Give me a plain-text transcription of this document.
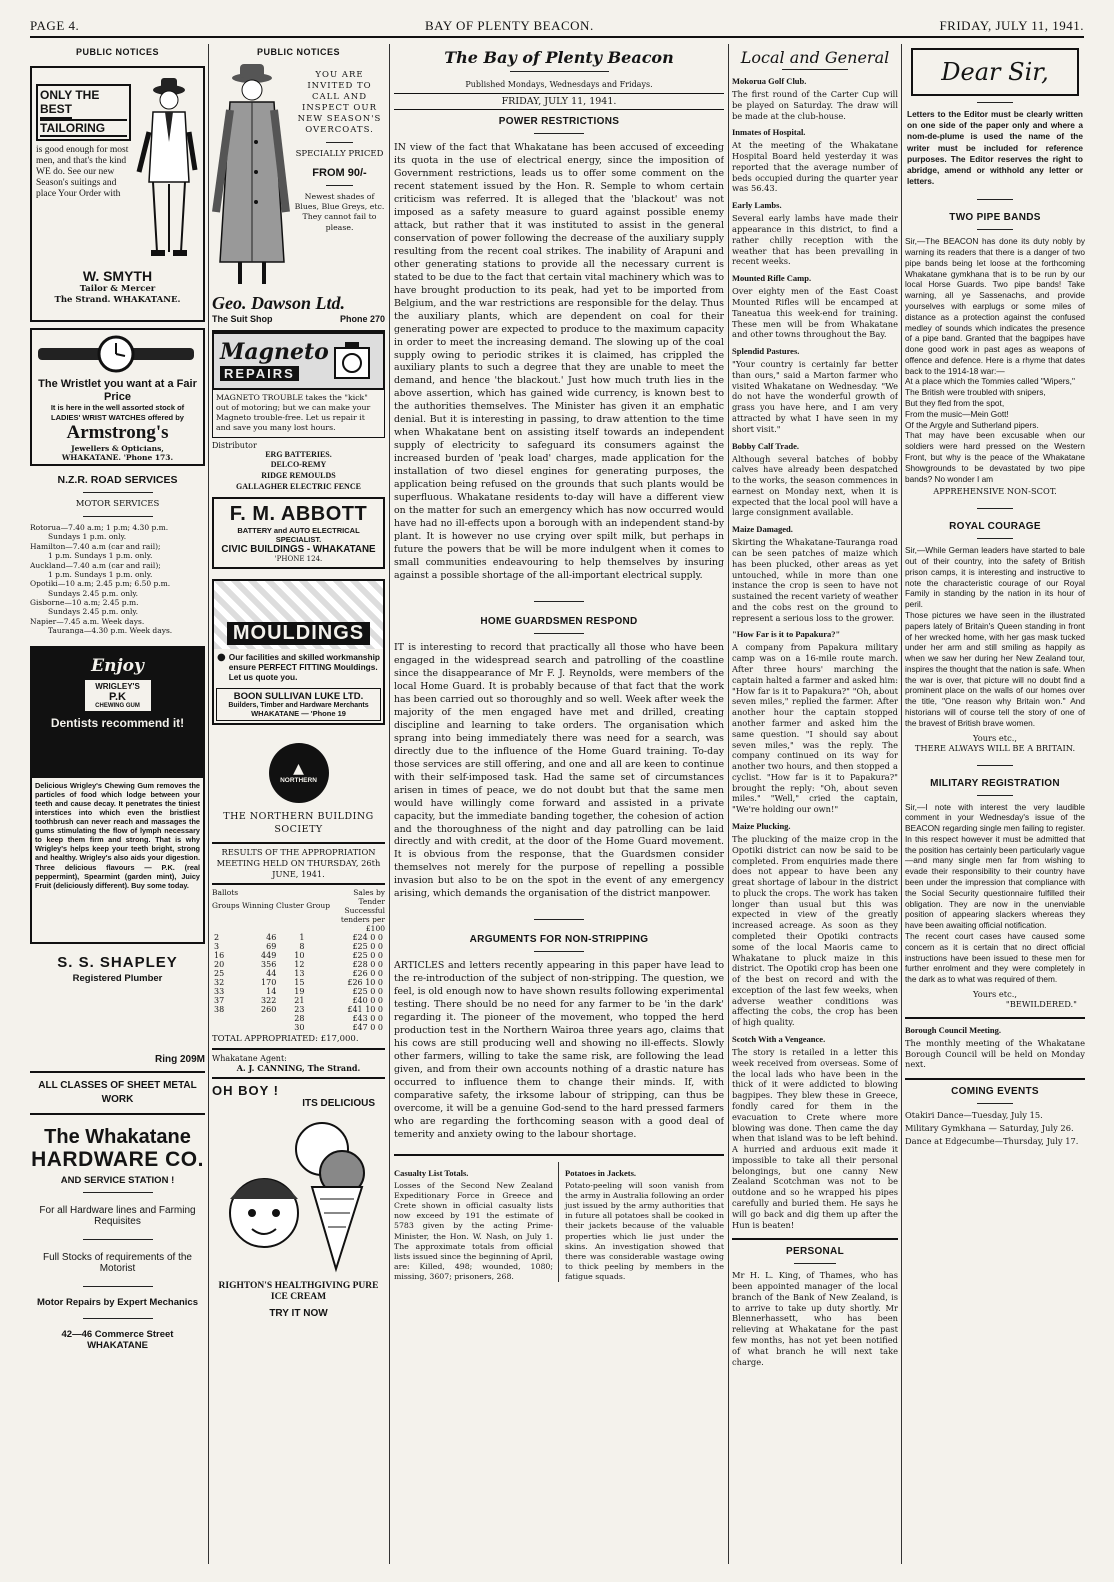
PAGE 4.	BAY OF PLENTY BEACON.	FRIDAY, JULY 11, 1941.
PUBLIC NOTICES
ONLY THE
BEST
TAILORING
is good enough for most men, and that's the kind WE do. See our new Season's suitings and place Your Order with
W. SMYTH
Tailor & Mercer
The Strand. WHAKATANE.
The Wristlet you want at a Fair Price
It is here in the well assorted stock of LADIES' WRIST WATCHES offered by
Armstrong's
Jewellers & Opticians,
WHAKATANE. 'Phone 173.
N.Z.R. ROAD SERVICES
MOTOR SERVICES
Rotorua—7.40 a.m; 1 p.m; 4.30 p.m.
Sundays 1 p.m. only.
Hamilton—7.40 a.m (car and rail);
1 p.m. Sundays 1 p.m. only.
Auckland—7.40 a.m (car and rail);
1 p.m. Sundays 1 p.m. only.
Opotiki—10 a.m; 2.45 p.m; 6.50 p.m.
Sundays 2.45 p.m. only.
Gisborne—10 a.m; 2.45 p.m.
Sundays 2.45 p.m. only.
Napier—7.45 a.m. Week days.
Tauranga—4.30 p.m. Week days.
Enjoy
WRIGLEY'S
P.K
CHEWING GUM
Dentists recommend it!
Delicious Wrigley's Chewing Gum removes the particles of food which lodge between your teeth and cause decay. It penetrates the tiniest interstices into which even the bristliest toothbrush can never reach and massages the gums stimulating the flow of lymph necessary to keep them firm and strong. That is why Wrigley's helps keep your teeth bright, strong and healthy. Wrigley's also aids your digestion. Three delicious flavours — P.K. (real peppermint), Spearmint (garden mint), Juicy Fruit (deliciously different). Buy some today.
S. S. SHAPLEY
Registered Plumber
Ring 209M
ALL CLASSES OF SHEET METAL WORK
The Whakatane
HARDWARE CO.
AND SERVICE STATION !
For all Hardware lines and Farming Requisites
Full Stocks of requirements of the Motorist
Motor Repairs by Expert Mechanics
42—46 Commerce Street
WHAKATANE
PUBLIC NOTICES
YOU ARE INVITED TO CALL AND INSPECT OUR NEW SEASON'S OVERCOATS.
SPECIALLY PRICED
FROM 90/-
Newest shades of Blues, Blue Greys, etc. They cannot fail to please.
Geo. Dawson Ltd.
The Suit Shop	Phone 270
Magneto
REPAIRS
MAGNETO TROUBLE takes the "kick" out of motoring; but we can make your Magneto trouble-free. Let us repair it and save you many lost hours.
Distributor
ERG BATTERIES.
DELCO-REMY
RIDGE REMOULDS
GALLAGHER ELECTRIC FENCE
F. M. ABBOTT
BATTERY and AUTO ELECTRICAL SPECIALIST.
CIVIC BUILDINGS - WHAKATANE
'PHONE 124.
MOULDINGS
● Our facilities and skilled workmanship ensure PERFECT FITTING Mouldings. Let us quote you.
BOON SULLIVAN LUKE LTD.
Builders, Timber and Hardware Merchants
WHAKATANE — 'Phone 19
▲
NORTHERN
THE NORTHERN BUILDING SOCIETY
RESULTS OF THE APPROPRIATION MEETING HELD ON THURSDAY, 26th JUNE, 1941.
Ballots
Groups Winning Cluster Group
Sales by Tender Successful tenders per £100
2	46	1	£24 0 0
3	69	8	£25 0 0
16	449	10	£25 0 0
20	356	12	£28 0 0
25	44	13	£26 0 0
32	170	15	£26 10 0
33	14	19	£25 0 0
37	322	21	£40 0 0
38	260	23	£41 10 0
		28	£43 0 0
		30	£47 0 0
TOTAL APPROPRIATED: £17,000.
Whakatane Agent:
A. J. CANNING, The Strand.
OH BOY !
ITS DELICIOUS
RIGHTON'S HEALTHGIVING PURE ICE CREAM
TRY IT NOW
The Bay of Plenty Beacon
Published Mondays, Wednesdays and Fridays.
FRIDAY, JULY 11, 1941.
POWER RESTRICTIONS
IN view of the fact that Whakatane has been accused of exceeding its quota in the use of electrical energy, since the imposition of Government restrictions, leads us to offer some comment on the recent statement issued by the Hon. R. Semple to whom certain criticism was referred. It is alleged that the 'blackout' was not imposed as a safety measure to guard against possible enemy attack, but rather that it was instituted to assist in the general conservation of power following the decrease of the auxiliary supply resulting from the recent coal strikes. The inability of Arapuni and other generating stations to provide all the necessary current is stated to be due to the fact that certain vital machinery which was to have brought production to its peak, had yet to be imported from Belgium, and the war restrictions are responsible for the delay. Thus the auxiliary plants, which are dependent on coal for their generating power are expected to produce to the maximum capacity in order to meet the increasing demand. The slowing up of the coal supply owing to periodic strikes it is claimed, has crippled the auxiliary plants to such a degree that they are unable to meet the demand, and hence 'the blackout.' Just how much truth lies in the above assertion, which has gained wide currency, is known best to the authorities themselves. The Minister has given it an emphatic denial. But it is interesting in passing, to draw attention to the time when Whakatane bent on assisting itself towards an independent supply of electricity to safeguard its consumers against the increased burden of 'peak load' charges, made application for the installation of two diesel engines for generating purposes, the application being refused on the grounds that such plants would be superfluous. Whakatane residents to-day will have a different view on the matter for such an emergency which has now occurred would have had no ill-effects upon a borough with an independent stand-by plant. It is however no use crying over spilt milk, but perhaps in future the powers that be will be more indulgent when it comes to small communities endeavouring to help themselves by insuring against a possible shortage of the all-important electrical supply.
HOME GUARDSMEN RESPOND
IT is interesting to record that practically all those who have been engaged in the widespread search and patrolling of the coastline since the disappearance of Mr F. J. Reynolds, were members of the local Home Guard. It is probably because of that fact that the work has been carried out so thoroughly and so well. Week after week the majority of the men engaged have met and drilled, creating discipline and learning to take orders. The organisation which sprang into being immediately there was need for a search, was directly due to the influence of the Home Guard training. To-day those services are still offering, and one and all are keen to continue with their self-imposed task. Had the same set of circumstances arisen in times of peace, we do not doubt but that the same men would have willingly come forward and assisted in a private capacity, but the immediate banding together, the cohesion of action and the thoroughness of the night and day patrolling can be laid directly and with credit, at the door of the Home Guard movement. It is obvious from the response, that the Guardsmen consider themselves not merely for the purpose of repelling a possible invasion but also to be on the spot in the event of any emergency arising, which demands the organisation of the district manpower.
ARGUMENTS FOR NON-STRIPPING
ARTICLES and letters recently appearing in this paper have lead to the re-introduction of the subject of non-stripping. The question, we feel, is old enough now to have shown results following experimental testing. There should be no need for any farmer to be 'in the dark' regarding it. The pioneer of the movement, who topped the herd production test in the Northern Wairoa three years ago, claims that his cows are still producing well and showing no ill-effects. Slowly other farmers, willing to take the same risk, are following the lead given, and from their own accounts nothing of a drastic nature has occurred to influence them to change their minds. If, with comparative safety, the irksome labour of stripping, can thus be overcome, it will be a genuine God-send to the hard pressed farmers who are regarding the forthcoming season with a good deal of temerity and anxiety owing to the labour shortage.
Casualty List Totals.
Losses of the Second New Zealand Expeditionary Force in Greece and Crete shown in official casualty lists now exceed by 191 the estimate of 5783 given by the acting Prime-Minister, the Hon. W. Nash, on July 1. The approximate totals from official lists issued since the beginning of April, are: Killed, 498; wounded, 1080; missing, 3607; prisoners, 268.
Potatoes in Jackets.
Potato-peeling will soon vanish from the army in Australia following an order just issued by the army authorities that in future all potatoes shall be cooked in their jackets because of the valuable properties which lie just under the skins. An investigation showed that there was considerable wastage owing to thick peeling by members in the fatigue squads.
Local and General
Mokorua Golf Club.
The first round of the Carter Cup will be played on Saturday. The draw will be made at the club-house.
Inmates of Hospital.
At the meeting of the Whakatane Hospital Board held yesterday it was reported that the average number of beds occupied during the quarter year was 56.43.
Early Lambs.
Several early lambs have made their appearance in this district, to find a rather chilly reception with the weather that has been prevailing in recent weeks.
Mounted Rifle Camp.
Over eighty men of the East Coast Mounted Rifles will be encamped at Taneatua this week-end for training. These men will be from Whakatane and other towns throughout the Bay.
Splendid Pastures.
"Your country is certainly far better than ours," said a Marton farmer who visited Whakatane on Wednesday. "We do not have the wonderful growth of grass you have here, and I am very attracted by what I have seen in my short visit."
Bobby Calf Trade.
Although several batches of bobby calves have already been despatched to the works, the season commences in earnest on Monday next, when it is expected that the local pool will have a large consignment available.
Maize Damaged.
Skirting the Whakatane-Tauranga road can be seen patches of maize which has been plucked, other areas as yet untouched, while in more than one instance the crop is seen to have not sustained the recent variety of weather and the cobs rest on the ground to represent a serious loss to the grower.
"How Far is it to Papakura?"
A company from Papakura military camp was on a 16-mile route march. After three hours' marching the captain halted a farmer and asked him: "How far is it to Papakura?" "Oh, about seven miles," replied the farmer. After another hour the captain stopped another farmer and asked him the same question. "I should say about seven miles," was the reply. The company continued on its way for another two hours, and then stopped a cyclist. "How far is it to Papakura?" brought the reply: "Oh, about seven miles." "Well," cried the captain, "We're holding our own!"
Maize Plucking.
The plucking of the maize crop in the Opotiki district can now be said to be completed. From enquiries made there does not appear to have been any great shortage of labour in the district to pluck the crops. The work has taken longer than usual but this was expected in view of the greatly increased acreage. As soon as they completed their Opotiki contracts some of the local Maoris came to Whakatane to pluck maize in this district. The Opotiki crop has been one of the best on record and with the exception of the last few weeks, when adverse weather conditions was affecting the cobs, the crop has been of high quality.
Scotch With a Vengeance.
The story is retailed in a letter this week received from overseas. Some of the local lads who have been in the thick of it were addicted to blowing bagpipes. They blew these in Greece, fondly cared for them in the evacuation to Crete where more blowing was done. Then came the day when that island was to be left behind. A hurried and arduous exit made it impossible to take all their personal belongings, but one canny New Zealand Scotchman was not to be outdone and so he wrapped his pipes carefully and buried them. He says he will go back and dig them up after the Hun is beaten!
PERSONAL
Mr H. L. King, of Thames, who has been appointed manager of the local branch of the Bank of New Zealand, is to arrive to take up duty shortly. Mr Blennerhassett, who has been relieving at Whakatane for the past few months, has not yet been notified of what branch he will next take charge.
Dear Sir,
Letters to the Editor must be clearly written on one side of the paper only and where a nom-de-plume is used the name of the writer must be included for reference purposes. The Editor reserves the right to abridge, amend or withhold any letter or letters.
TWO PIPE BANDS
Sir,—The BEACON has done its duty nobly by warning its readers that there is a danger of two pipe bands being let loose at the forthcoming Whakatane gymkhana that is to be run by our local Horse Guards. Two pipe bands! Take warning, all ye Sassenachs, and provide yourselves with earplugs or some miles of distance as a protection against the confused medley of sounds which indicates the presence of a pipe band. Granted that the bagpipes have done good work in past ages as weapons of offence and defence. Here is a rhyme that dates back to the 1914-18 war:—
At a place which the Tommies called "Wipers,"
The British were troubled with snipers,
But they fled from the spot,
From the music—Mein Gott!
Of the Argyle and Sutherland pipers.
That may have been excusable when our soldiers were hard pressed on the Western Front, but why is the peace of the Whakatane Showgrounds to be devastated by two pipe bands? No wonder I am
APPREHENSIVE NON-SCOT.
ROYAL COURAGE
Sir,—While German leaders have started to bale out of their country, into the safety of British prison camps, it is interesting and instructive to note the characteristic courage of our Royal Family in standing by the nation in its hour of peril.
Those pictures we have seen in the illustrated papers lately of Britain's Queen standing in front of her wrecked home, with her gas mask tucked under her arm and still smiling as happily as when we saw her during her New Zealand tour, inspires the thought that the nation is safe. When the war is over, that picture will no doubt find a prominent place on the walls of our homes over the title, "One reason why Britain won." And historians will of course tell the story of one of the bravest of British brave women.
Yours etc.,
THERE ALWAYS WILL BE A BRITAIN.
MILITARY REGISTRATION
Sir,—I note with interest the very laudible comment in your Wednesday's issue of the BEACON regarding single men failing to register. In this respect however it must be admitted that the position has certainly been particularly vague—and many single men far from wishing to evade their responsibility to their country have been under the impression that compliance with the Social Security questionnaire fulfilled their obligation. They are now in the unenviable position of appearing slackers whereas they have been awaiting official notification.
The recent court cases have caused some concern as it is certain that no direct official instructions have been issued to these men for further enrolment and they were completely in the dark as to what was required of them.
Yours etc.,
"BEWILDERED."
Borough Council Meeting.
The monthly meeting of the Whakatane Borough Council will be held on Monday next.
COMING EVENTS
Otakiri Dance—Tuesday, July 15.
Military Gymkhana — Saturday, July 26.
Dance at Edgecumbe—Thursday, July 17.
